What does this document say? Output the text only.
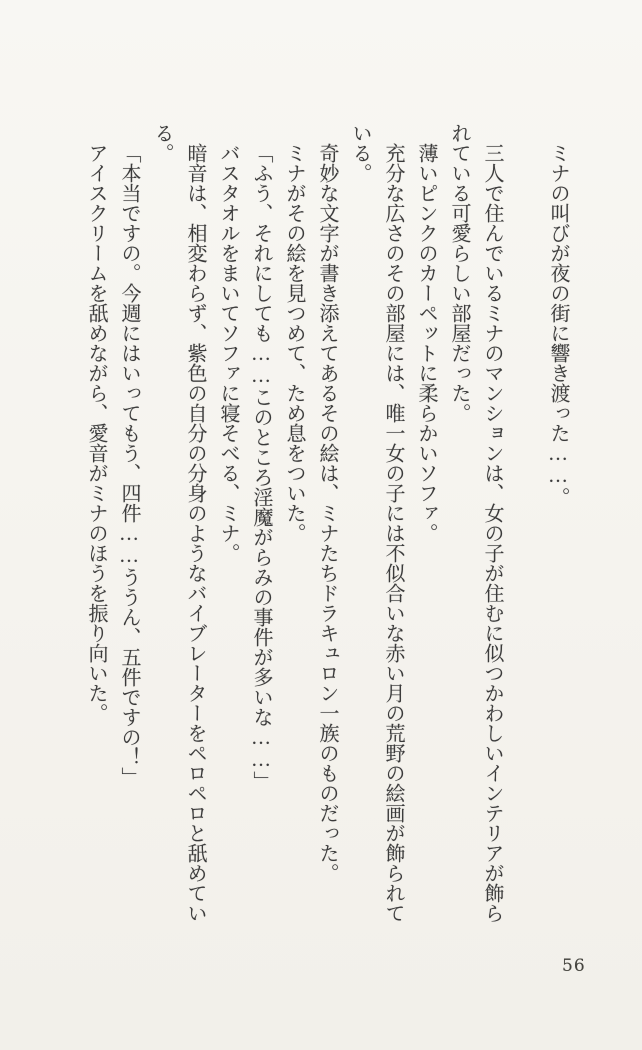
ミナの叫びが夜の街に響き渡った……。

三人で住んでいるミナのマンションは、女の子が住むに似つかわしいインテリアが飾られている可愛らしい部屋だった。

薄いピンクのカーペットに柔らかいソファ。

充分な広さのその部屋には、唯一女の子には不似合いな赤い月の荒野の絵画が飾られている。

奇妙な文字が書き添えてあるその絵は、ミナたちドラキュロン一族のものだった。

ミナがその絵を見つめて、ため息をついた。

「ふう、それにしても……このところ淫魔がらみの事件が多いな……」

バスタオルをまいてソファに寝そべる、ミナ。

暗音は、相変わらず、紫色の自分の分身のようなバイブレーターをペロペロと舐めている。

「本当ですの。今週にはいってもう、四件……ううん、五件ですの！」

アイスクリームを舐めながら、愛音がミナのほうを振り向いた。

56
